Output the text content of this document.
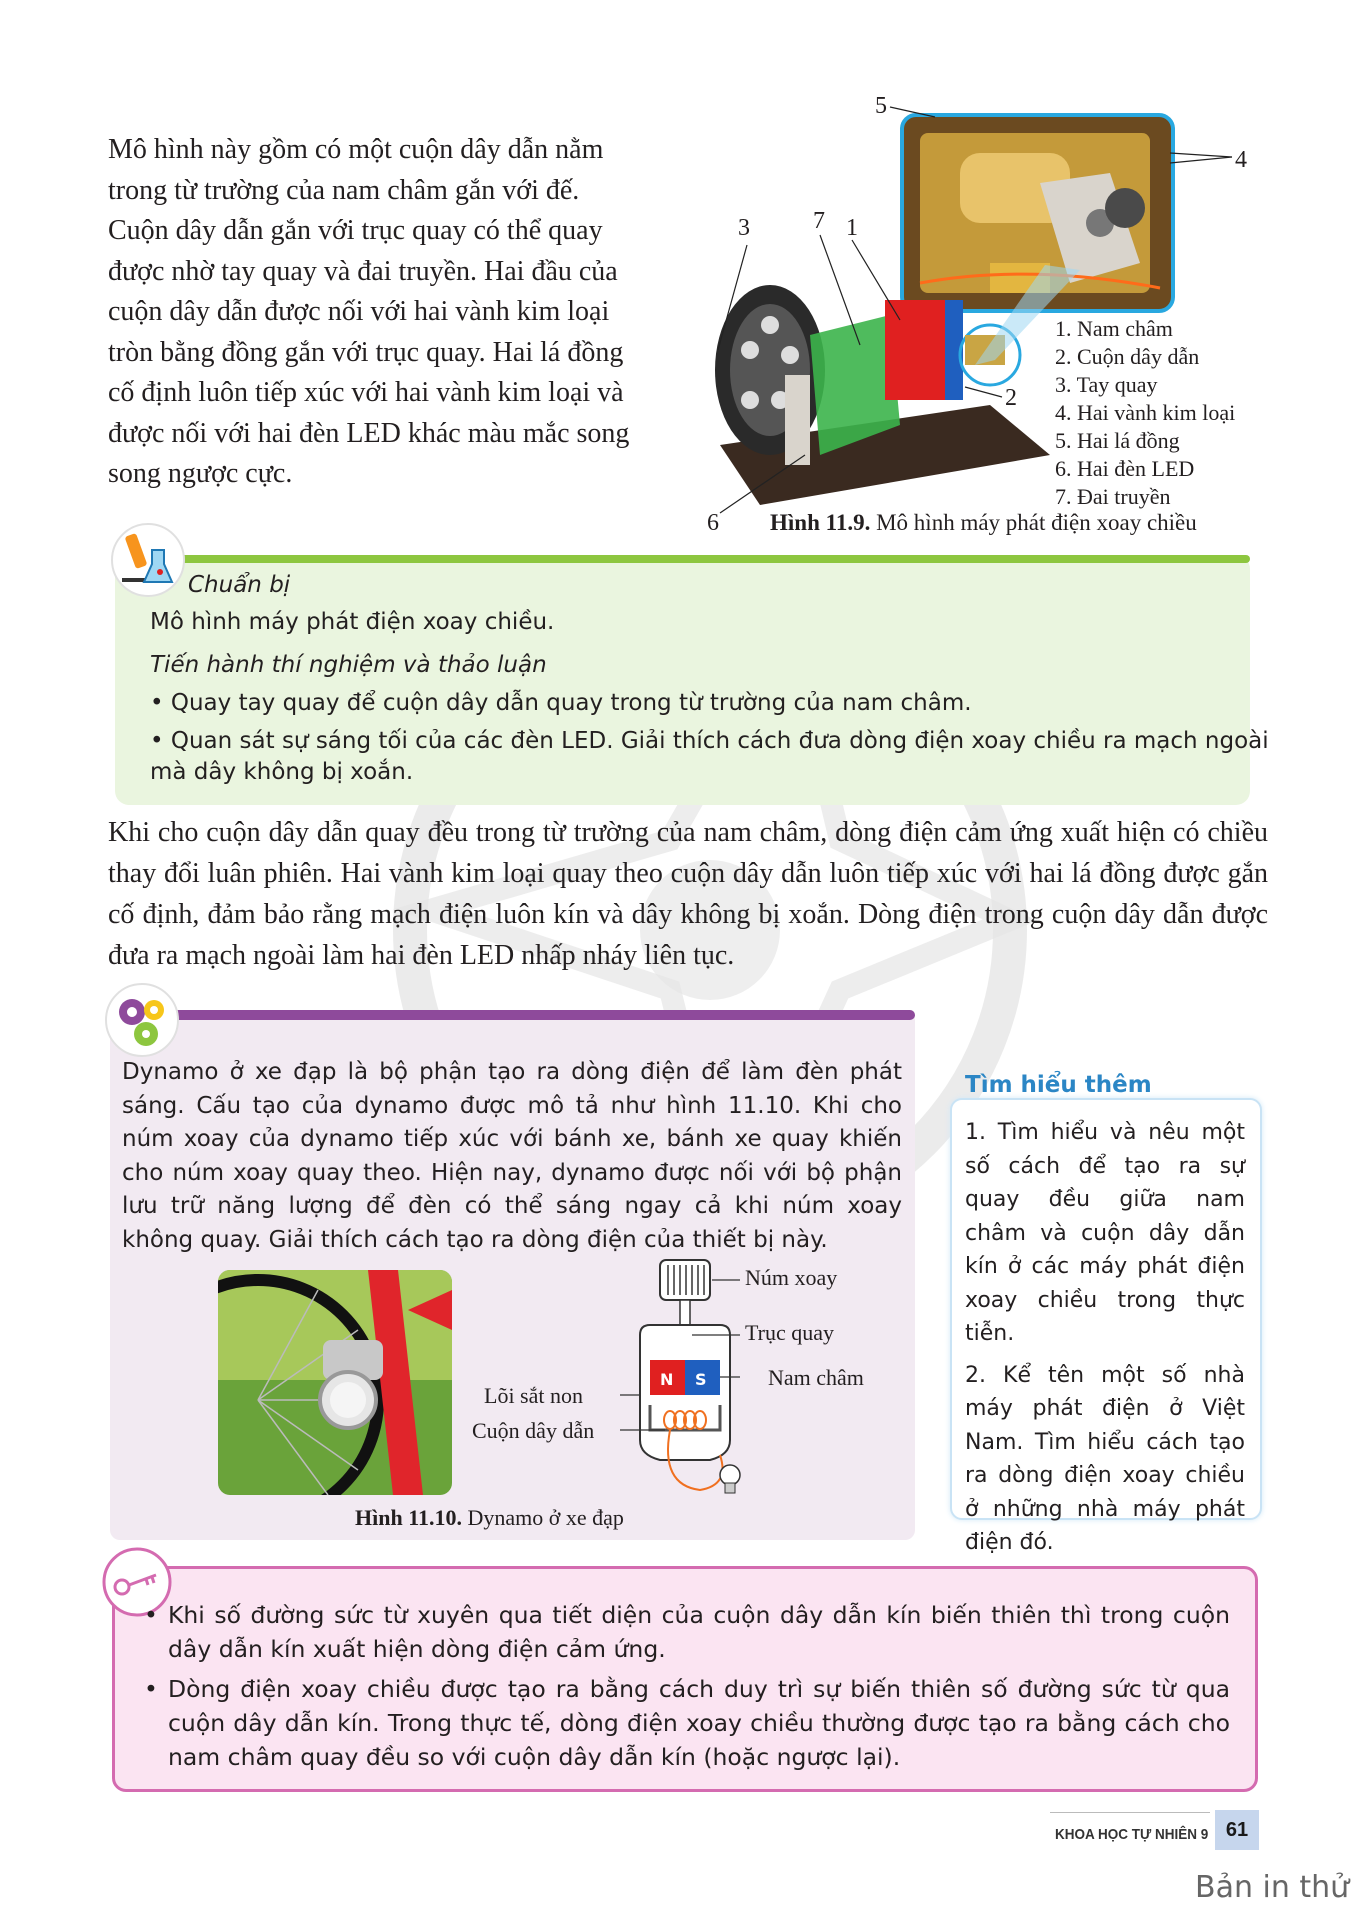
Mô hình này gồm có một cuộn dây dẫn nằm
trong từ trường của nam châm gắn với đế.
Cuộn dây dẫn gắn với trục quay có thể quay
được nhờ tay quay và đai truyền. Hai đầu của
cuộn dây dẫn được nối với hai vành kim loại
tròn bằng đồng gắn với trục quay. Hai lá đồng
cố định luôn tiếp xúc với hai vành kim loại và
được nối với hai đèn LED khác màu mắc song
song ngược cực.
5
4
3	7 1
2
6
1. Nam châm
2. Cuộn dây dẫn
3. Tay quay
4. Hai vành kim loại
5. Hai lá đồng
6. Hai đèn LED
7. Đai truyền
Hình 11.9. Mô hình máy phát điện xoay chiều
Chuẩn bị
Mô hình máy phát điện xoay chiều.
Tiến hành thí nghiệm và thảo luận
• Quay tay quay để cuộn dây dẫn quay trong từ trường của nam châm.
• Quan sát sự sáng tối của các đèn LED. Giải thích cách đưa dòng điện xoay chiều ra mạch ngoài
mà dây không bị xoắn.
Khi cho cuộn dây dẫn quay đều trong từ trường của nam châm, dòng điện cảm ứng xuất hiện có chiều thay đổi luân phiên. Hai vành kim loại quay theo cuộn dây dẫn luôn tiếp xúc với hai lá đồng được gắn cố định, đảm bảo rằng mạch điện luôn kín và dây không bị xoắn. Dòng điện trong cuộn dây dẫn được đưa ra mạch ngoài làm hai đèn LED nhấp nháy liên tục.
Dynamo ở xe đạp là bộ phận tạo ra dòng điện để làm đèn phát sáng. Cấu tạo của dynamo được mô tả như hình 11.10. Khi cho núm xoay của dynamo tiếp xúc với bánh xe, bánh xe quay khiến cho núm xoay quay theo. Hiện nay, dynamo được nối với bộ phận lưu trữ năng lượng để đèn có thể sáng ngay cả khi núm xoay không quay. Giải thích cách tạo ra dòng điện của thiết bị này.
N S
Núm xoay
Trục quay
Nam châm
Lõi sắt non
Cuộn dây dẫn
Hình 11.10. Dynamo ở xe đạp
Tìm hiểu thêm
1. Tìm hiểu và nêu một số cách để tạo ra sự quay đều giữa nam châm và cuộn dây dẫn kín ở các máy phát điện xoay chiều trong thực tiễn.
2. Kể tên một số nhà máy phát điện ở Việt Nam. Tìm hiểu cách tạo ra dòng điện xoay chiều ở những nhà máy phát điện đó.
• Khi số đường sức từ xuyên qua tiết diện của cuộn dây dẫn kín biến thiên thì trong cuộn dây dẫn kín xuất hiện dòng điện cảm ứng.
• Dòng điện xoay chiều được tạo ra bằng cách duy trì sự biến thiên số đường sức từ qua cuộn dây dẫn kín. Trong thực tế, dòng điện xoay chiều thường được tạo ra bằng cách cho nam châm quay đều so với cuộn dây dẫn kín (hoặc ngược lại).
KHOA HỌC TỰ NHIÊN 9 61
Bản in thử
